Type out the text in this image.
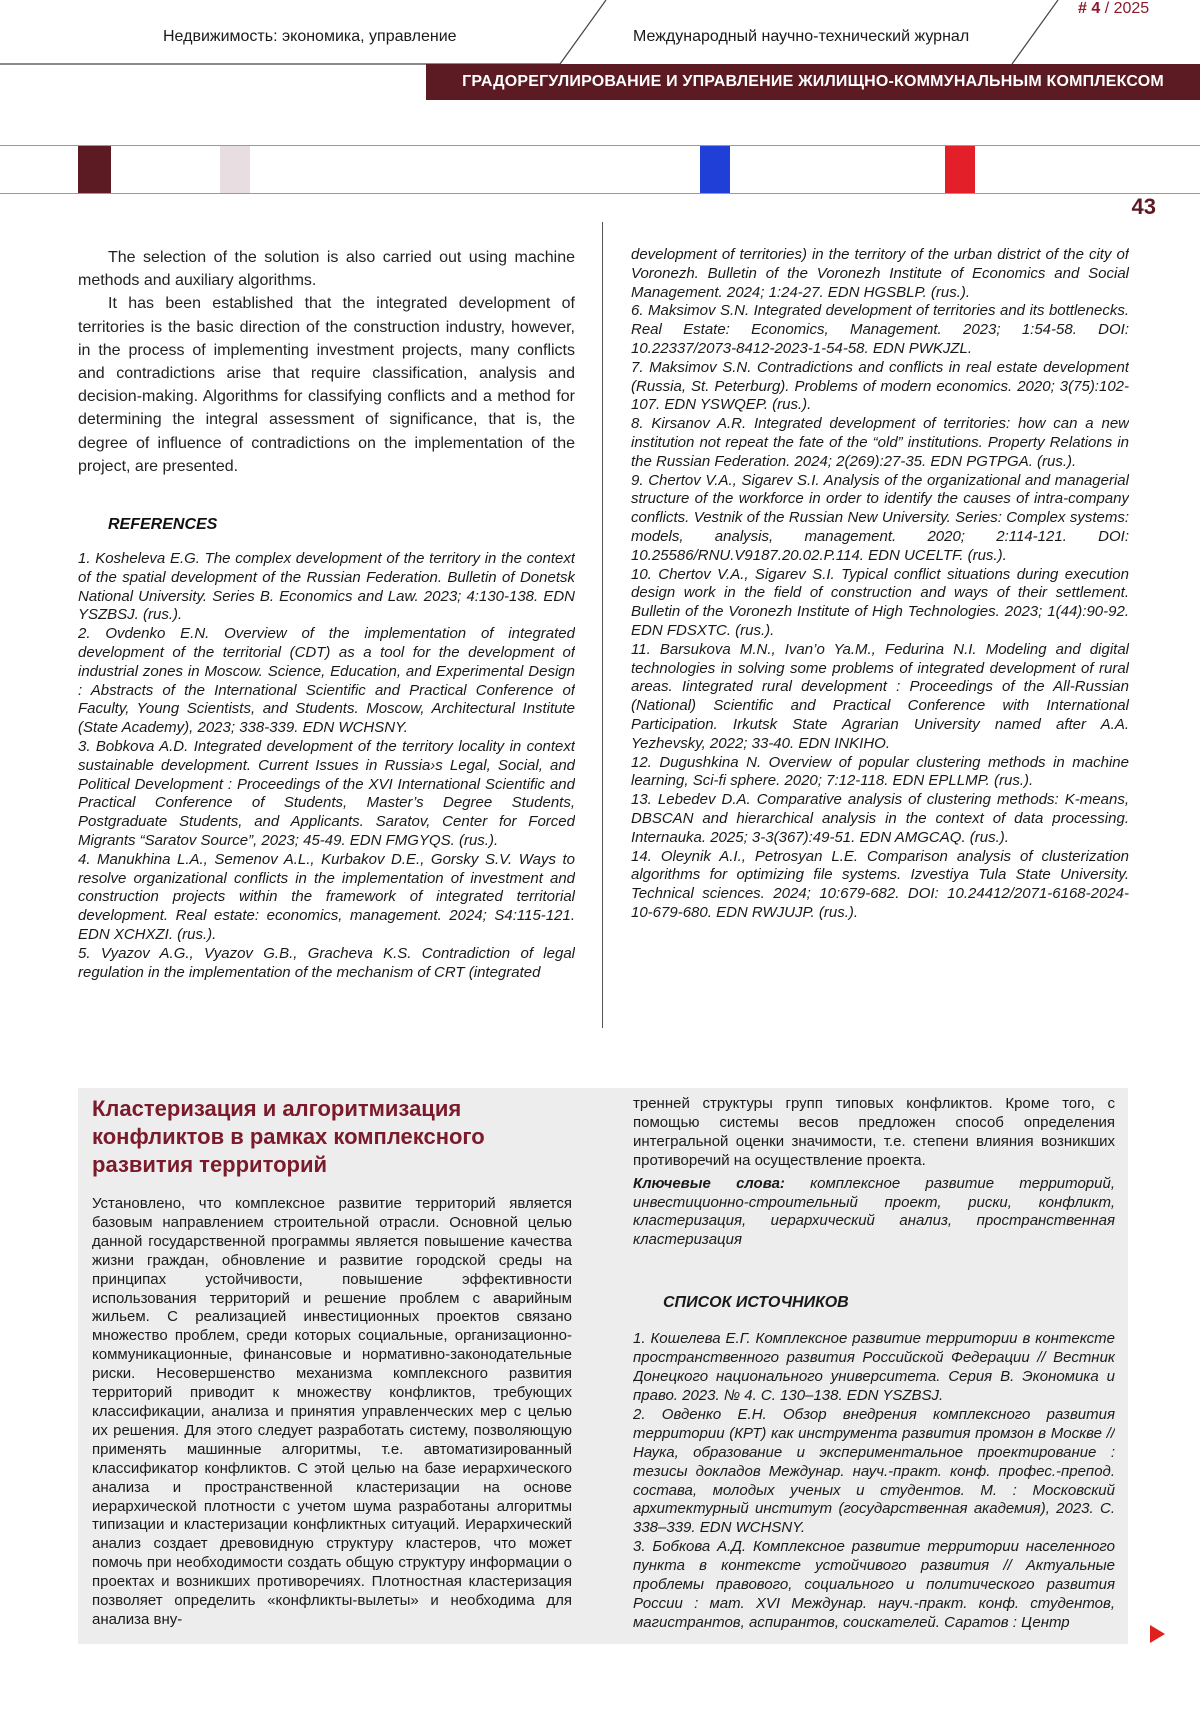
Недвижимость: экономика, управление	Международный научно-технический журнал
# 4 / 2025
ГРАДОРЕГУЛИРОВАНИЕ И УПРАВЛЕНИЕ ЖИЛИЩНО-КОММУНАЛЬНЫМ КОМПЛЕКСОМ
43

The selection of the solution is also carried out using machine methods and auxiliary algorithms.

It has been established that the integrated development of territories is the basic direction of the construction industry, however, in the process of implementing investment projects, many conflicts and contradictions arise that require classification, analysis and decision-making. Algorithms for classifying conflicts and a method for determining the integral assessment of significance, that is, the degree of influence of contradictions on the implementation of the project, are presented.

REFERENCES

1. Kosheleva E.G. The complex development of the territory in the context of the spatial development of the Russian Federation. Bulletin of Donetsk National University. Series B. Economics and Law. 2023; 4:130-138. EDN YSZBSJ. (rus.).

2. Ovdenko E.N. Overview of the implementation of integrated development of the territorial (CDT) as a tool for the development of industrial zones in Moscow. Science, Education, and Experimental Design : Abstracts of the International Scientific and Practical Conference of Faculty, Young Scientists, and Students. Moscow, Architectural Institute (State Academy), 2023; 338-339. EDN WCHSNY.

3. Bobkova A.D. Integrated development of the territory locality in context sustainable development. Current Issues in Russia›s Legal, Social, and Political Development : Proceedings of the XVI International Scientific and Practical Conference of Students, Master’s Degree Students, Postgraduate Students, and Applicants. Saratov, Center for Forced Migrants “Saratov Source”, 2023; 45-49. EDN FMGYQS. (rus.).

4. Manukhina L.A., Semenov A.L., Kurbakov D.E., Gorsky S.V. Ways to resolve organizational conflicts in the implementation of investment and construction projects within the framework of integrated territorial development. Real estate: economics, management. 2024; S4:115-121. EDN XCHXZI. (rus.).

5. Vyazov A.G., Vyazov G.B., Gracheva K.S. Contradiction of legal regulation in the implementation of the mechanism of CRT (integrated

development of territories) in the territory of the urban district of the city of Voronezh. Bulletin of the Voronezh Institute of Economics and Social Management. 2024; 1:24-27. EDN HGSBLP. (rus.).

6. Maksimov S.N. Integrated development of territories and its bottlenecks. Real Estate: Economics, Management. 2023; 1:54-58. DOI: 10.22337/2073-8412-2023-1-54-58. EDN PWKJZL.

7. Maksimov S.N. Contradictions and conflicts in real estate development (Russia, St. Peterburg). Problems of modern economics. 2020; 3(75):102-107. EDN YSWQEP. (rus.).

8. Kirsanov A.R. Integrated development of territories: how can a new institution not repeat the fate of the “old” institutions. Property Relations in the Russian Federation. 2024; 2(269):27-35. EDN PGTPGA. (rus.).

9. Chertov V.A., Sigarev S.I. Analysis of the organizational and managerial structure of the workforce in order to identify the causes of intra-company conflicts. Vestnik of the Russian New University. Series: Complex systems: models, analysis, management. 2020; 2:114-121. DOI: 10.25586/RNU.V9187.20.02.P.114. EDN UCELTF. (rus.).

10. Chertov V.A., Sigarev S.I. Typical conflict situations during execution design work in the field of construction and ways of their settlement. Bulletin of the Voronezh Institute of High Technologies. 2023; 1(44):90-92. EDN FDSXTC. (rus.).

11. Barsukova M.N., Ivan’o Ya.M., Fedurina N.I. Modeling and digital technologies in solving some problems of integrated development of rural areas. Iintegrated rural development : Proceedings of the All-Russian (National) Scientific and Practical Conference with International Participation. Irkutsk State Agrarian University named after A.A. Yezhevsky, 2022; 33-40. EDN INKIHO.

12. Dugushkina N. Overview of popular clustering methods in machine learning, Sci-fi sphere. 2020; 7:12-118. EDN EPLLMP. (rus.).

13. Lebedev D.A. Comparative analysis of clustering methods: K-means, DBSCAN and hierarchical analysis in the context of data processing. Internauka. 2025; 3-3(367):49-51. EDN AMGCAQ. (rus.).

14. Oleynik A.I., Petrosyan L.E. Comparison analysis of clusterization algorithms for optimizing file systems. Izvestiya Tula State University. Technical sciences. 2024; 10:679-682. DOI: 10.24412/2071-6168-2024-10-679-680. EDN RWJUJP. (rus.).

Кластеризация и алгоритмизация конфликтов в рамках комплексного развития территорий

Установлено, что комплексное развитие территорий является базовым направлением строительной отрасли. Основной целью данной государственной программы является повышение качества жизни граждан, обновление и развитие городской среды на принципах устойчивости, повышение эффективности использования территорий и решение проблем с аварийным жильем. С реализацией инвестиционных проектов связано множество проблем, среди которых социальные, организационно-коммуникационные, финансовые и нормативно-законодательные риски. Несовершенство механизма комплексного развития территорий приводит к множеству конфликтов, требующих классификации, анализа и принятия управленческих мер с целью их решения. Для этого следует разработать систему, позволяющую применять машинные алгоритмы, т.е. автоматизированный классификатор конфликтов. С этой целью на базе иерархического анализа и пространственной кластеризации на основе иерархической плотности с учетом шума разработаны алгоритмы типизации и кластеризации конфликтных ситуаций. Иерархический анализ создает древовидную структуру кластеров, что может помочь при необходимости создать общую структуру информации о проектах и возникших противоречиях. Плотностная кластеризация позволяет определить «конфликты-вылеты» и необходима для анализа вну-

тренней структуры групп типовых конфликтов. Кроме того, с помощью системы весов предложен способ определения интегральной оценки значимости, т.е. степени влияния возникших противоречий на осуществление проекта.

Ключевые слова: комплексное развитие территорий, инвестиционно-строительный проект, риски, конфликт, кластеризация, иерархический анализ, пространственная кластеризация

СПИСОК ИСТОЧНИКОВ

1. Кошелева Е.Г. Комплексное развитие территории в контексте пространственного развития Российской Федерации // Вестник Донецкого национального университета. Серия В. Экономика и право. 2023. № 4. С. 130–138. EDN YSZBSJ.

2. Овденко Е.Н. Обзор внедрения комплексного развития территории (КРТ) как инструмента развития промзон в Москве // Наука, образование и экспериментальное проектирование : тезисы докладов Междунар. науч.-практ. конф. профес.-препод. состава, молодых ученых и студентов. М. : Московский архитектурный институт (государственная академия), 2023. С. 338–339. EDN WCHSNY.

3. Бобкова А.Д. Комплексное развитие территории населенного пункта в контексте устойчивого развития // Актуальные проблемы правового, социального и политического развития России : мат. XVI Междунар. науч.-практ. конф. студентов, магистрантов, аспирантов, соискателей. Саратов : Центр
